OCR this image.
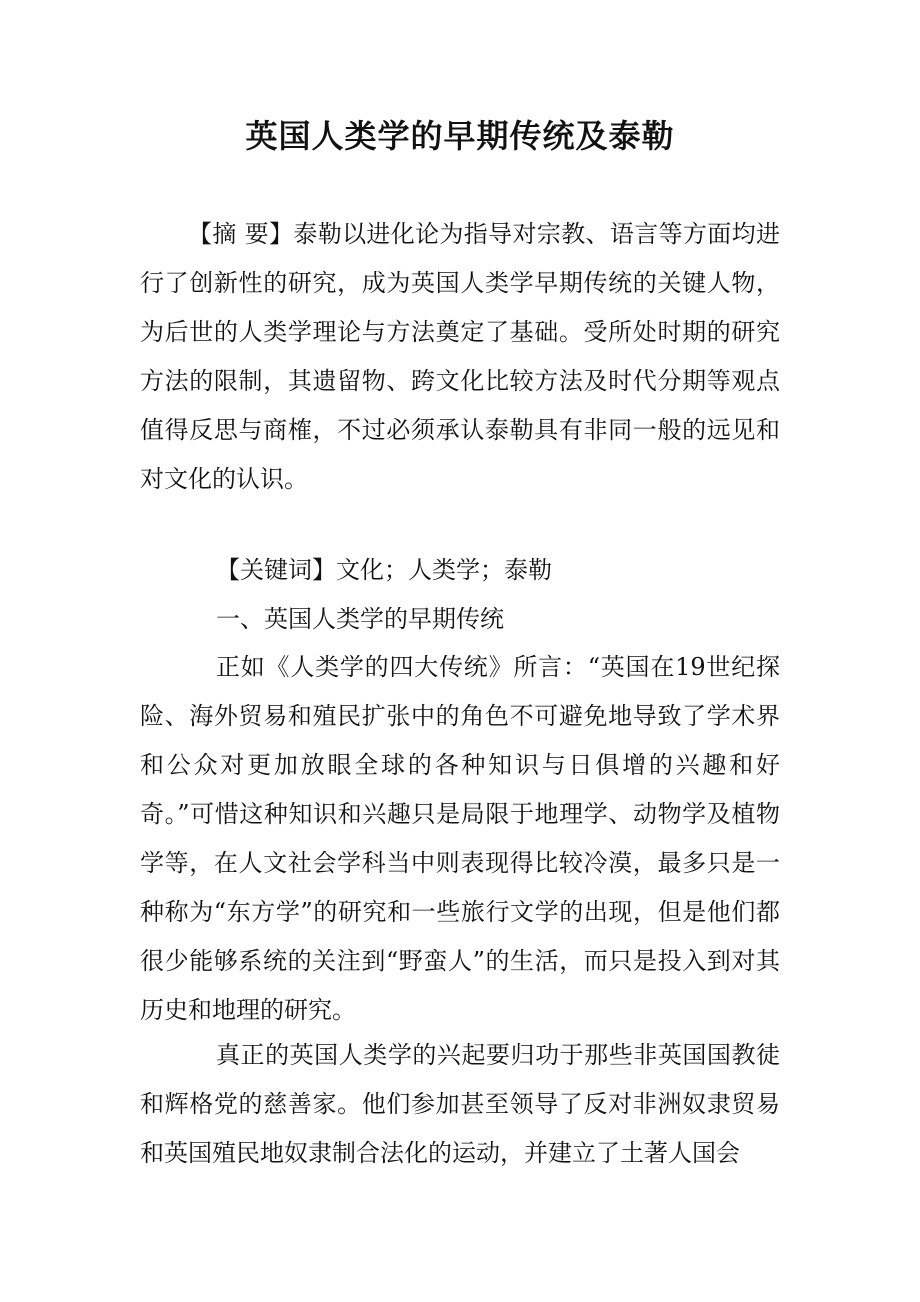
英国人类学的早期传统及泰勒

【摘 要】泰勒以进化论为指导对宗教、语言等方面均进行了创新性的研究，成为英国人类学早期传统的关键人物，为后世的人类学理论与方法奠定了基础。受所处时期的研究方法的限制，其遗留物、跨文化比较方法及时代分期等观点值得反思与商榷，不过必须承认泰勒具有非同一般的远见和对文化的认识。

【关键词】文化；人类学；泰勒

一、英国人类学的早期传统

正如《人类学的四大传统》所言：“英国在19世纪探险、海外贸易和殖民扩张中的角色不可避免地导致了学术界和公众对更加放眼全球的各种知识与日俱增的兴趣和好奇。”可惜这种知识和兴趣只是局限于地理学、动物学及植物学等，在人文社会学科当中则表现得比较冷漠，最多只是一种称为“东方学”的研究和一些旅行文学的出现，但是他们都很少能够系统的关注到“野蛮人”的生活，而只是投入到对其历史和地理的研究。

真正的英国人类学的兴起要归功于那些非英国国教徒和辉格党的慈善家。他们参加甚至领导了反对非洲奴隶贸易和英国殖民地奴隶制合法化的运动，并建立了土著人国会
